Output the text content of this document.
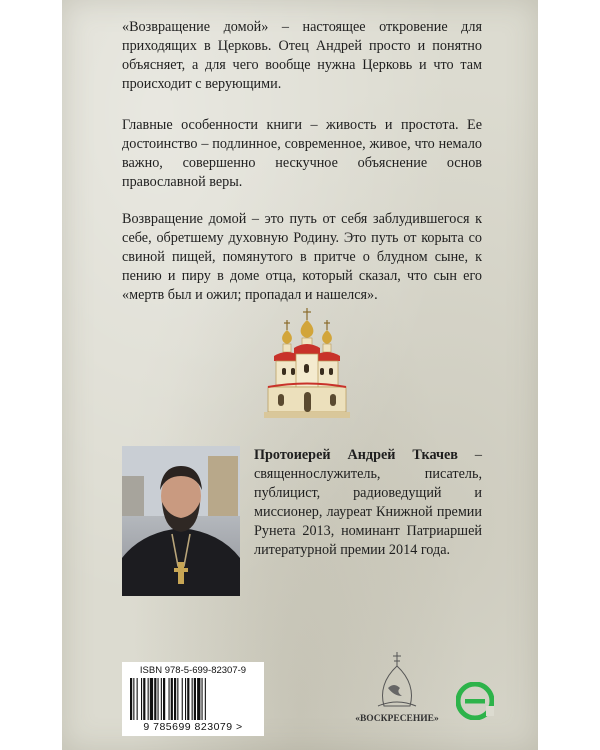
«Возвращение домой» – настоящее откровение для приходящих в Церковь. Отец Андрей просто и понятно объясняет, а для чего вообще нужна Церковь и что там происходит с верующими.

Главные особенности книги – живость и простота. Ее достоинство – подлинное, современное, живое, что немало важно, совершенно нескучное объяснение основ православной веры.

Возвращение домой – это путь от себя заблудившегося к себе, обретшему духовную Родину. Это путь от корыта со свиной пищей, помянутого в притче о блудном сыне, к пению и пиру в доме отца, который сказал, что сын его «мертв был и ожил; пропадал и нашелся».

Протоиерей Андрей Ткачев – священнослужитель, писатель, публицист, радиоведущий и миссионер, лауреат Книжной премии Рунета 2013, номинант Патриаршей литературной премии 2014 года.

ISBN 978-5-699-82307-9
9 785699 823079 >
«ВОСКРЕСЕНИЕ»
